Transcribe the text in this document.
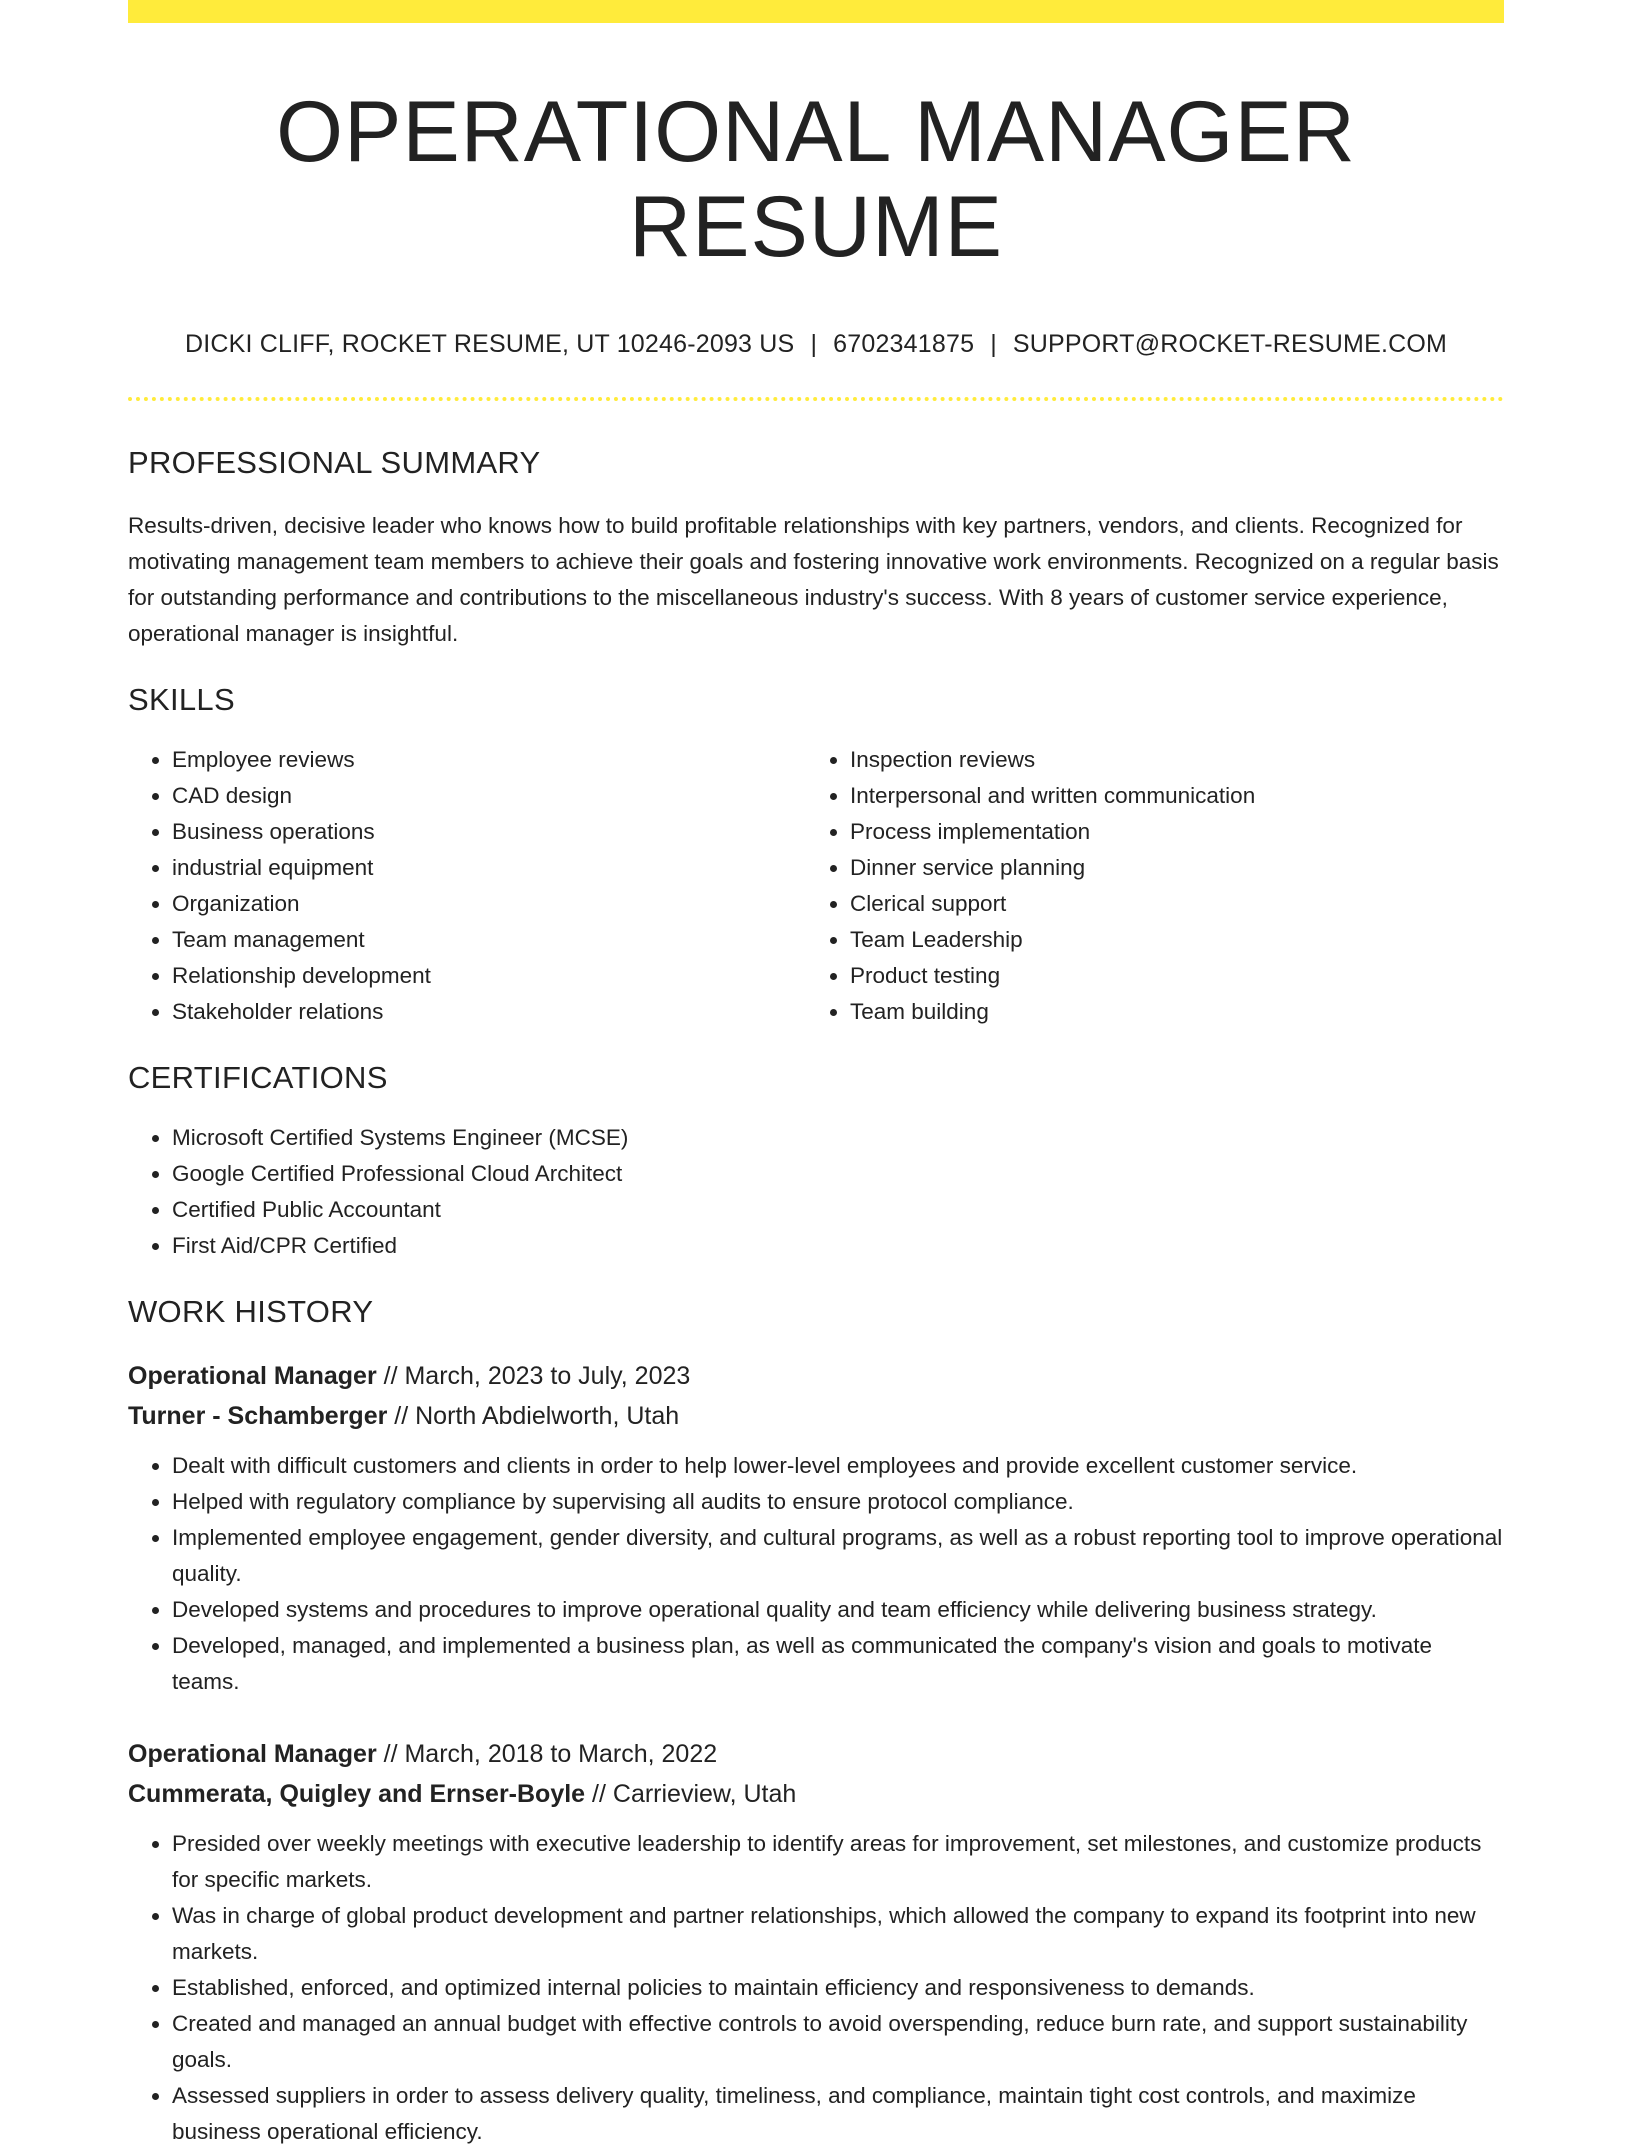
OPERATIONAL MANAGER RESUME
DICKI CLIFF, ROCKET RESUME, UT 10246-2093 US | 6702341875 | SUPPORT@ROCKET-RESUME.COM
PROFESSIONAL SUMMARY
Results-driven, decisive leader who knows how to build profitable relationships with key partners, vendors, and clients. Recognized for motivating management team members to achieve their goals and fostering innovative work environments. Recognized on a regular basis for outstanding performance and contributions to the miscellaneous industry's success. With 8 years of customer service experience, operational manager is insightful.
SKILLS
• Employee reviews
• CAD design
• Business operations
• industrial equipment
• Organization
• Team management
• Relationship development
• Stakeholder relations
• Inspection reviews
• Interpersonal and written communication
• Process implementation
• Dinner service planning
• Clerical support
• Team Leadership
• Product testing
• Team building
CERTIFICATIONS
• Microsoft Certified Systems Engineer (MCSE)
• Google Certified Professional Cloud Architect
• Certified Public Accountant
• First Aid/CPR Certified
WORK HISTORY
Operational Manager // March, 2023 to July, 2023
Turner - Schamberger // North Abdielworth, Utah
• Dealt with difficult customers and clients in order to help lower-level employees and provide excellent customer service.
• Helped with regulatory compliance by supervising all audits to ensure protocol compliance.
• Implemented employee engagement, gender diversity, and cultural programs, as well as a robust reporting tool to improve operational quality.
• Developed systems and procedures to improve operational quality and team efficiency while delivering business strategy.
• Developed, managed, and implemented a business plan, as well as communicated the company's vision and goals to motivate teams.
Operational Manager // March, 2018 to March, 2022
Cummerata, Quigley and Ernser-Boyle // Carrieview, Utah
• Presided over weekly meetings with executive leadership to identify areas for improvement, set milestones, and customize products for specific markets.
• Was in charge of global product development and partner relationships, which allowed the company to expand its footprint into new markets.
• Established, enforced, and optimized internal policies to maintain efficiency and responsiveness to demands.
• Created and managed an annual budget with effective controls to avoid overspending, reduce burn rate, and support sustainability goals.
• Assessed suppliers in order to assess delivery quality, timeliness, and compliance, maintain tight cost controls, and maximize business operational efficiency.
